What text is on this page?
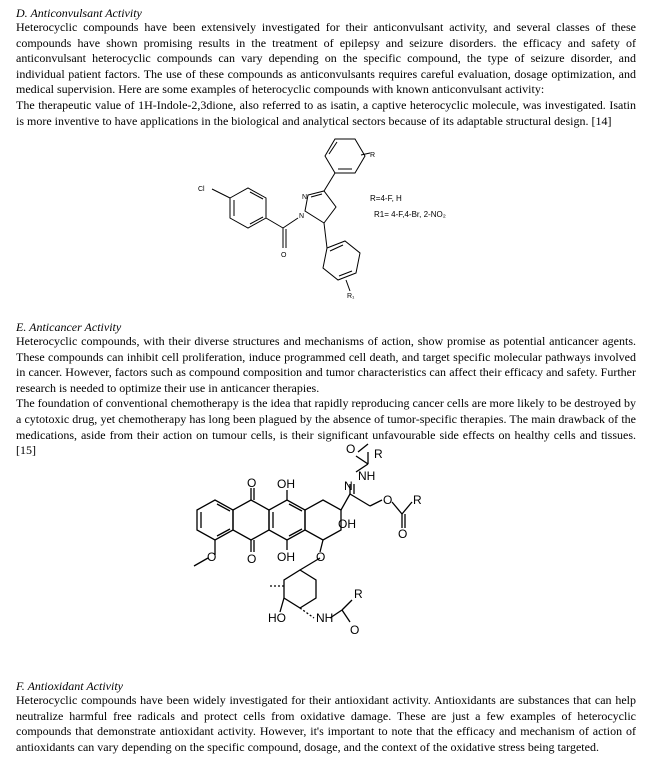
D. Anticonvulsant Activity

Heterocyclic compounds have been extensively investigated for their anticonvulsant activity, and several classes of these compounds have shown promising results in the treatment of epilepsy and seizure disorders. the efficacy and safety of anticonvulsant heterocyclic compounds can vary depending on the specific compound, the type of seizure disorder, and individual patient factors. The use of these compounds as anticonvulsants requires careful evaluation, dosage optimization, and medical supervision. Here are some examples of heterocyclic compounds with known anticonvulsant activity:

The therapeutic value of 1H-Indole-2,3dione, also referred to as isatin, a captive heterocyclic molecule, was investigated. Isatin is more inventive to have applications in the biological and analytical sectors because of its adaptable structural design. [14]

Cl
N
N
O
R
R₁
R=4-F, H
R1= 4-F,4-Br, 2-NO₂
E. Anticancer Activity

Heterocyclic compounds, with their diverse structures and mechanisms of action, show promise as potential anticancer agents. These compounds can inhibit cell proliferation, induce programmed cell death, and target specific molecular pathways involved in cancer. However, factors such as compound composition and tumor characteristics can affect their efficacy and safety. Further research is needed to optimize their use in anticancer therapies.

The foundation of conventional chemotherapy is the idea that rapidly reproducing cancer cells are more likely to be destroyed by a cytotoxic drug, yet chemotherapy has long been plagued by the absence of tumor-specific therapies. The main drawback of the medications, aside from their action on tumour cells, is their significant unfavourable side effects on healthy cells and tissues.[15]	O R
NH
N
OH
OH
OH
O
O
O	O
O
O
R
HO	NH
R
O
F. Antioxidant Activity

Heterocyclic compounds have been widely investigated for their antioxidant activity. Antioxidants are substances that can help neutralize harmful free radicals and protect cells from oxidative damage. These are just a few examples of heterocyclic compounds that demonstrate antioxidant activity. However, it's important to note that the efficacy and mechanism of action of antioxidants can vary depending on the specific compound, dosage, and the context of the oxidative stress being targeted.
